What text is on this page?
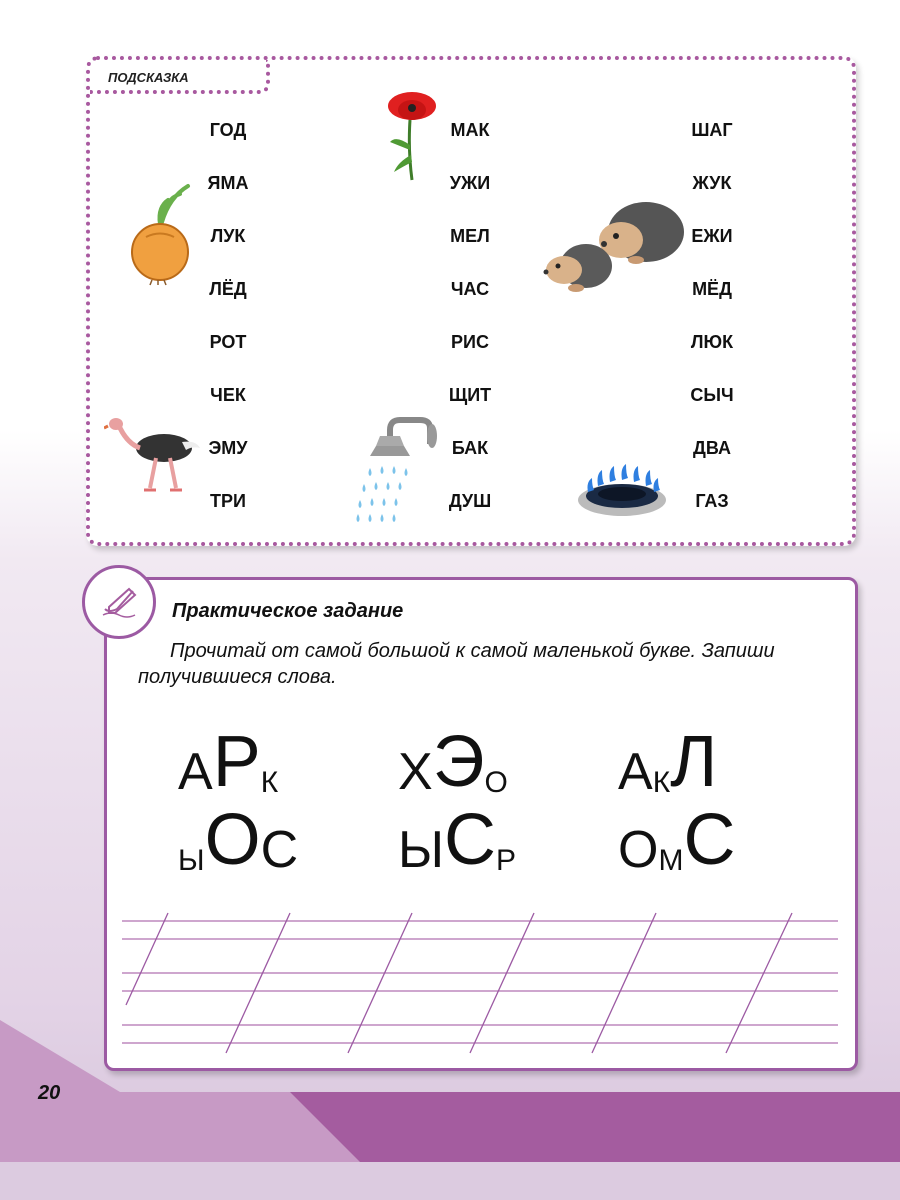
ПОДСКАЗКА
ГОД
ЯМА
ЛУК
ЛЁД
РОТ
ЧЕК
ЭМУ
ТРИ
МАК
УЖИ
МЕЛ
ЧАС
РИС
ЩИТ
БАК
ДУШ
ШАГ
ЖУК
ЕЖИ
МЁД
ЛЮК
СЫЧ
ДВА
ГАЗ
Практическое задание
Прочитай от самой большой к самой маленькой букве. Запиши получившиеся слова.
А Р К Х Э О А К Л
Ы О С Ы С Р О М С
20
